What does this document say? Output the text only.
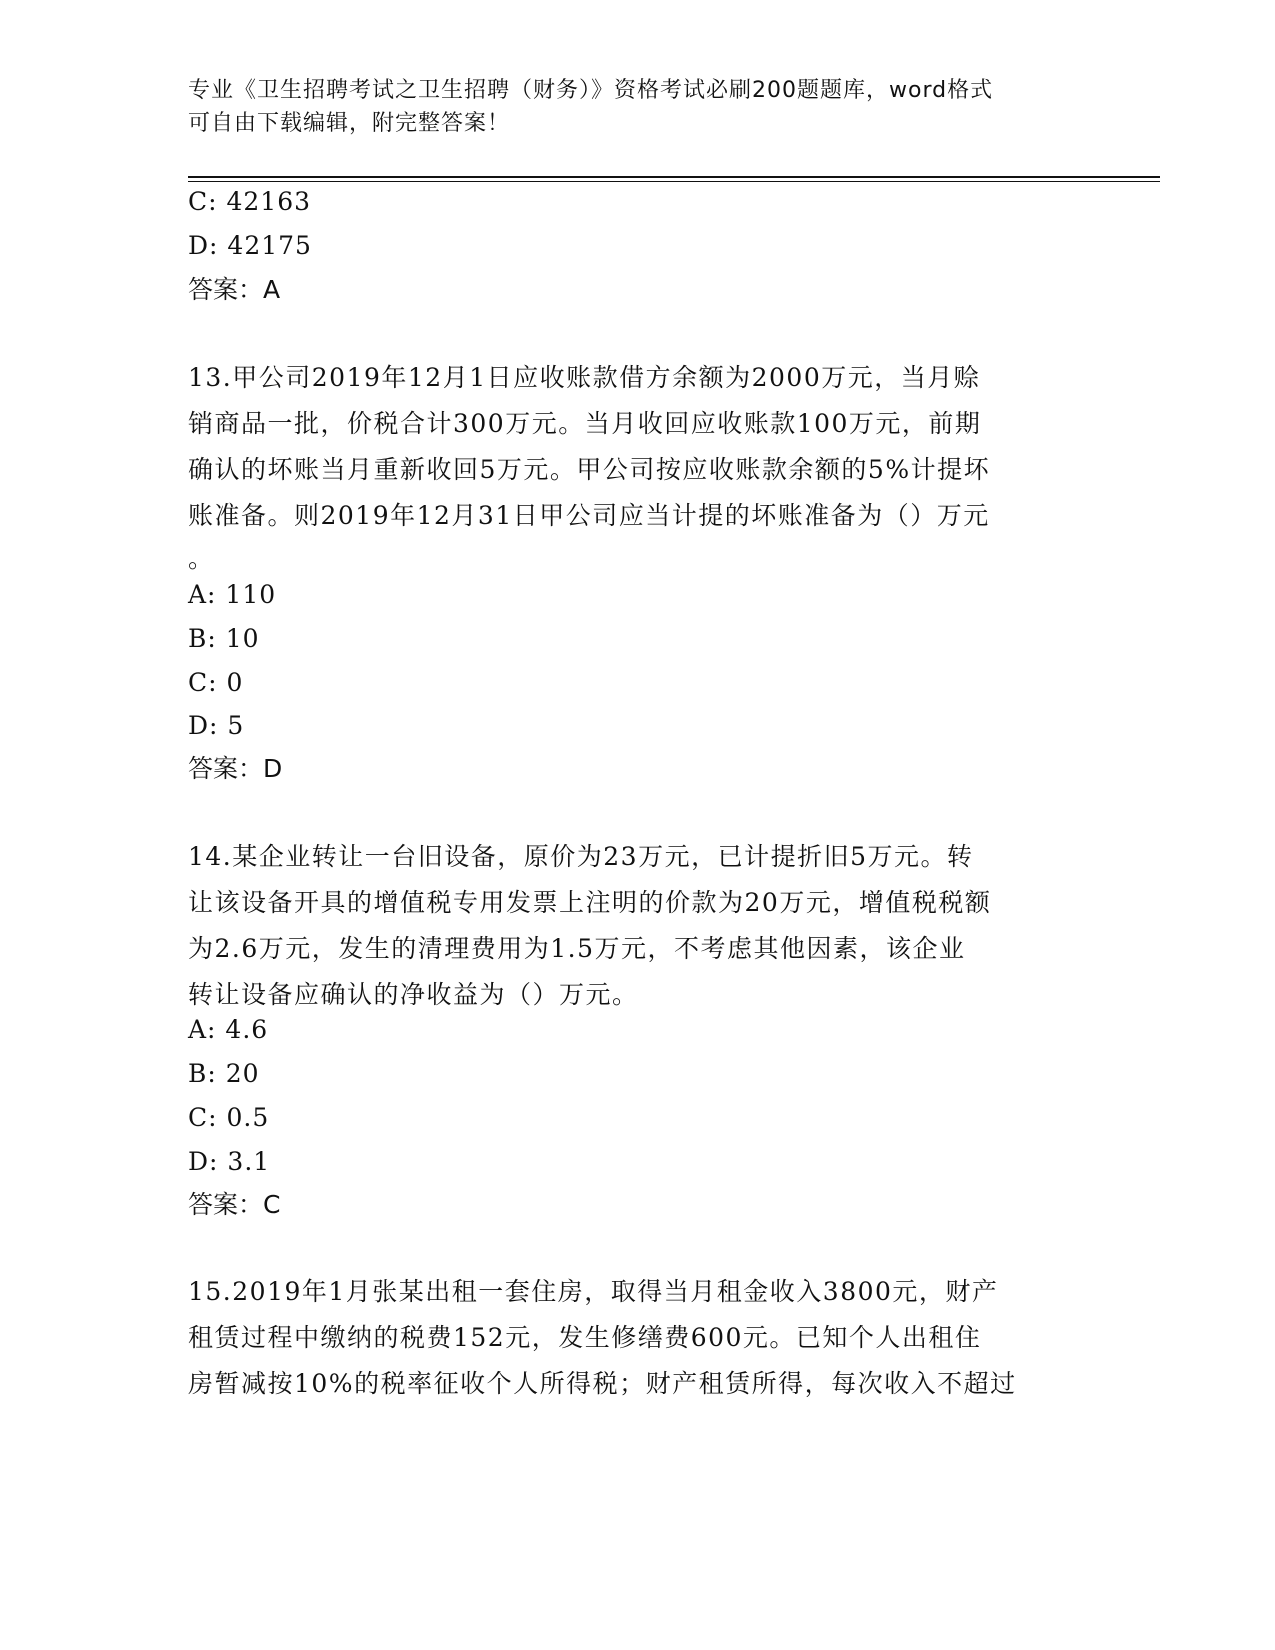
专业《卫生招聘考试之卫生招聘（财务）》资格考试必刷200题题库，word格式
可自由下载编辑，附完整答案！
C: 42163
D: 42175
答案：A
13.甲公司2019年12月1日应收账款借方余额为2000万元，当月赊
销商品一批，价税合计300万元。当月收回应收账款100万元，前期
确认的坏账当月重新收回5万元。甲公司按应收账款余额的5%计提坏
账准备。则2019年12月31日甲公司应当计提的坏账准备为（）万元
。
A: 110
B: 10
C: 0
D: 5
答案：D
14.某企业转让一台旧设备，原价为23万元，已计提折旧5万元。转
让该设备开具的增值税专用发票上注明的价款为20万元，增值税税额
为2.6万元，发生的清理费用为1.5万元，不考虑其他因素，该企业
转让设备应确认的净收益为（）万元。
A: 4.6
B: 20
C: 0.5
D: 3.1
答案：C
15.2019年1月张某出租一套住房，取得当月租金收入3800元，财产
租赁过程中缴纳的税费152元，发生修缮费600元。已知个人出租住
房暂减按10%的税率征收个人所得税；财产租赁所得，每次收入不超过
